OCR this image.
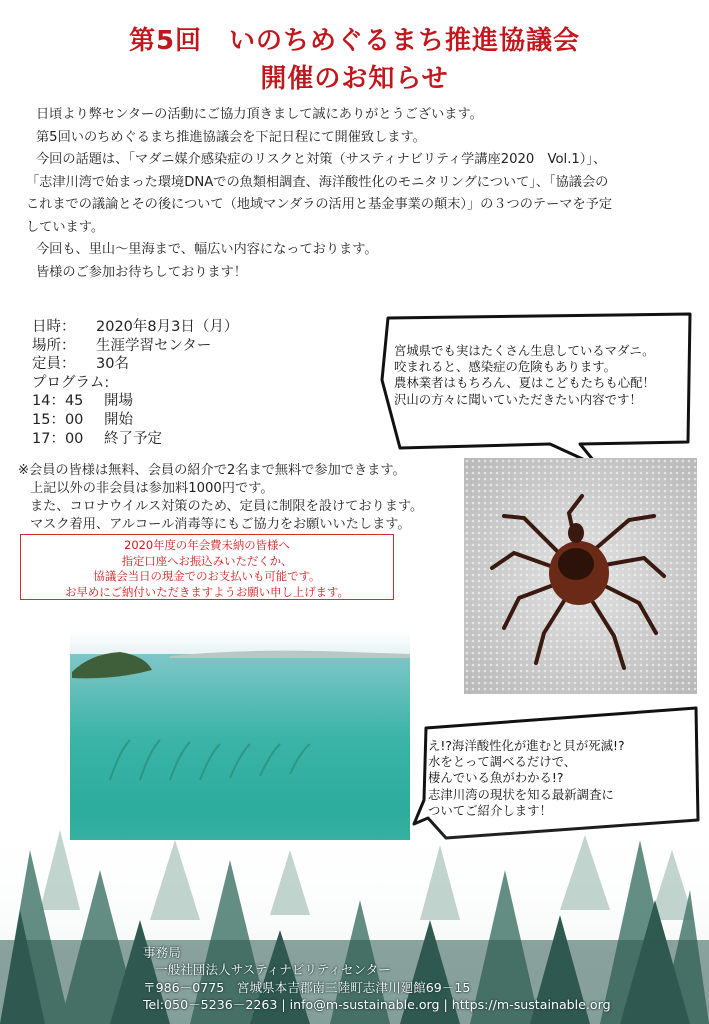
第5回　いのちめぐるまち推進協議会
開催のお知らせ

日頃より弊センターの活動にご協力頂きまして誠にありがとうございます。

第5回いのちめぐるまち推進協議会を下記日程にて開催致します。

今回の話題は、「マダニ媒介感染症のリスクと対策（サスティナビリティ学講座2020　Vol.1）」、

「志津川湾で始まった環境DNAでの魚類相調査、海洋酸性化のモニタリングについて」、「協議会の

これまでの議論とその後について（地域マンダラの活用と基金事業の顛末）」の３つのテーマを予定

しています。

今回も、里山～里海まで、幅広い内容になっております。

皆様のご参加お待ちしております！

日時： 2020年8月3日（月）
場所： 生涯学習センター
定員： 30名
プログラム:
14：45 開場
15：00 開始
17：00 終了予定
※会員の皆様は無料、会員の紹介で2名まで無料で参加できます。
上記以外の非会員は参加料1000円です。
また、コロナウイルス対策のため、定員に制限を設けております。
マスク着用、アルコール消毒等にもご協力をお願いいたします。
2020年度の年会費未納の皆様へ
指定口座へお振込みいただくか、
協議会当日の現金でのお支払いも可能です。
お早めにご納付いただきますようお願い申し上げます。
宮城県でも実はたくさん生息しているマダニ。
咬まれると、感染症の危険もあります。
農林業者はもちろん、夏はこどもたちも心配！
沢山の方々に聞いていただきたい内容です！
え!?海洋酸性化が進むと貝が死滅!?
水をとって調べるだけで、
棲んでいる魚がわかる!?
志津川湾の現状を知る最新調査に
事務局
一般社団法人サスティナビリティセンター
〒986－0775　宮城県本吉郡南三陸町志津川廻館69－15
Tel:050－5236－2263 | info@m-sustainable.org | https://m-sustainable.org
